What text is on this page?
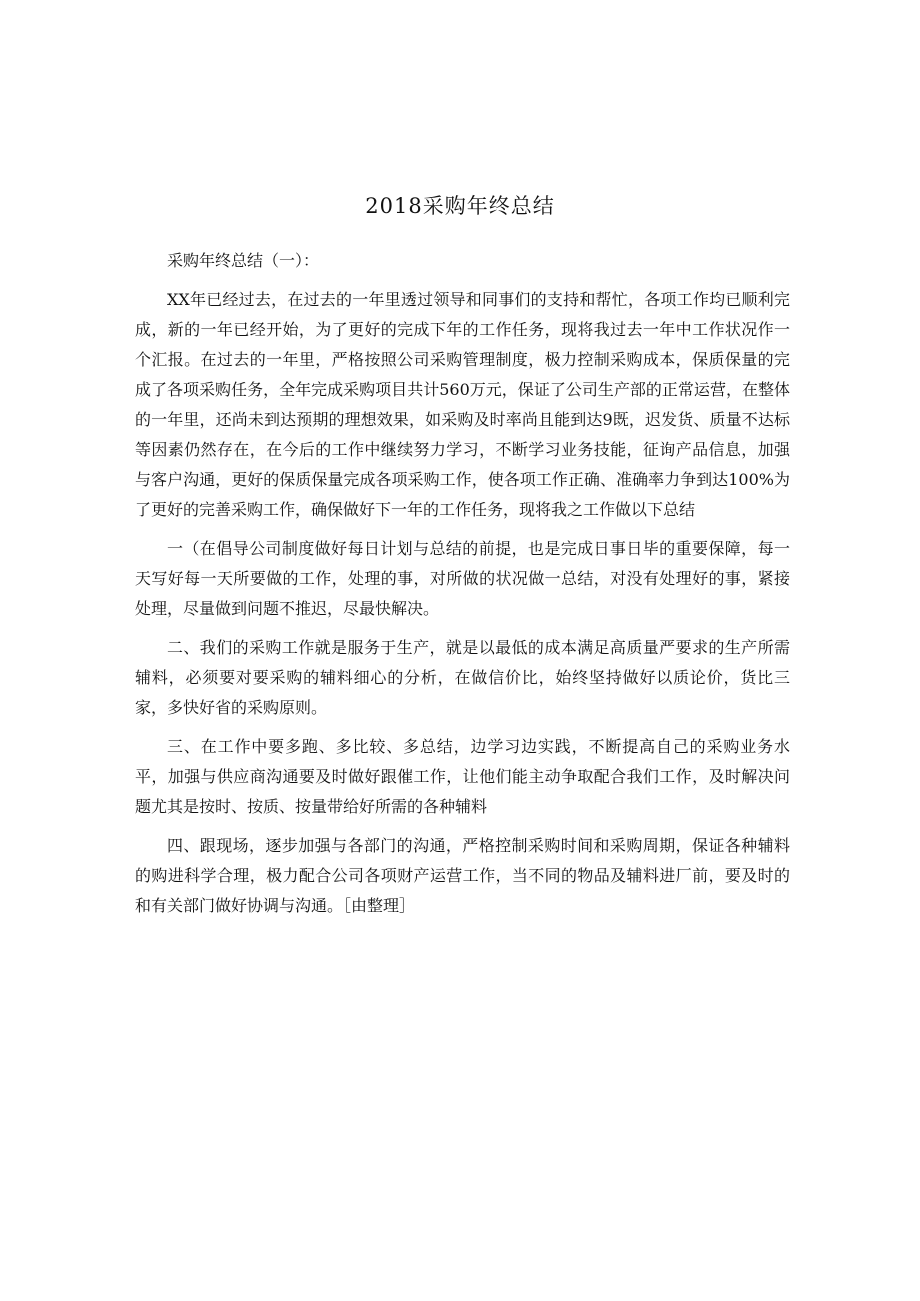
2018采购年终总结

采购年终总结（一）：

XX年已经过去，在过去的一年里透过领导和同事们的支持和帮忙，各项工作均已顺利完成，新的一年已经开始，为了更好的完成下年的工作任务，现将我过去一年中工作状况作一个汇报。在过去的一年里，严格按照公司采购管理制度，极力控制采购成本，保质保量的完成了各项采购任务，全年完成采购项目共计560万元，保证了公司生产部的正常运营，在整体的一年里，还尚未到达预期的理想效果，如采购及时率尚且能到达9既，迟发货、质量不达标等因素仍然存在，在今后的工作中继续努力学习，不断学习业务技能，征询产品信息，加强与客户沟通，更好的保质保量完成各项采购工作，使各项工作正确、准确率力争到达100%为了更好的完善采购工作，确保做好下一年的工作任务，现将我之工作做以下总结

一（在倡导公司制度做好每日计划与总结的前提，也是完成日事日毕的重要保障，每一天写好每一天所要做的工作，处理的事，对所做的状况做一总结，对没有处理好的事，紧接处理，尽量做到问题不推迟，尽最快解决。

二、我们的采购工作就是服务于生产，就是以最低的成本满足高质量严要求的生产所需辅料，必须要对要采购的辅料细心的分析，在做信价比，始终坚持做好以质论价，货比三家，多快好省的采购原则。

三、在工作中要多跑、多比较、多总结，边学习边实践，不断提高自己的采购业务水平，加强与供应商沟通要及时做好跟催工作，让他们能主动争取配合我们工作，及时解决问题尤其是按时、按质、按量带给好所需的各种辅料

四、跟现场，逐步加强与各部门的沟通，严格控制采购时间和采购周期，保证各种辅料的购进科学合理，极力配合公司各项财产运营工作，当不同的物品及辅料进厂前，要及时的和有关部门做好协调与沟通。［由整理］
